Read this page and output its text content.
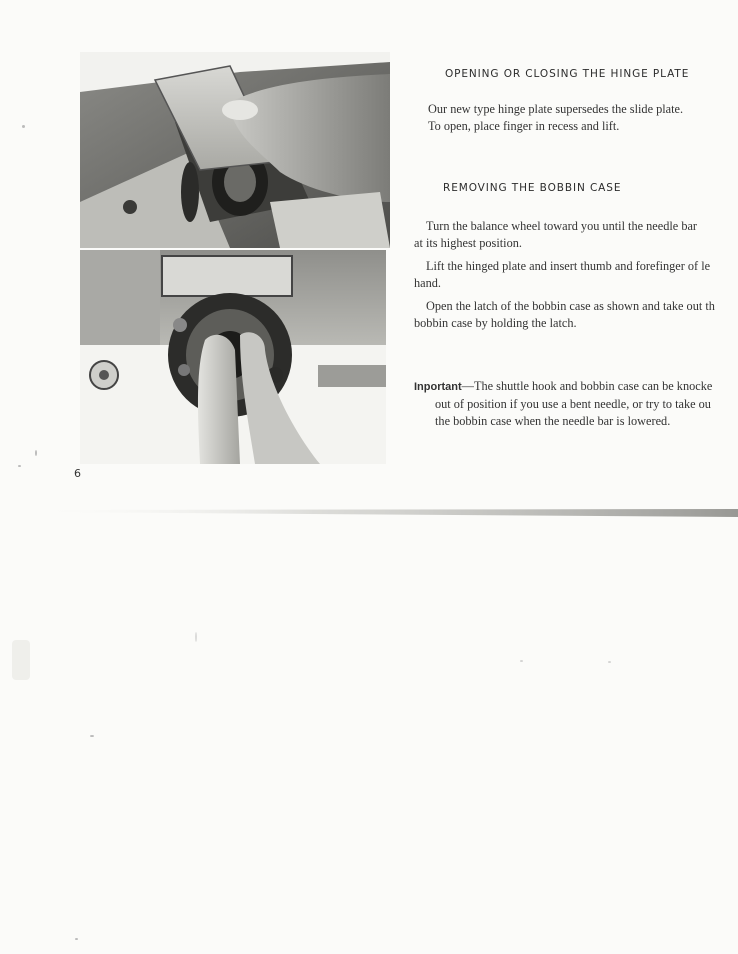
OPENING OR CLOSING THE HINGE PLATE
Our new type hinge plate supersedes the slide plate.
To open, place finger in recess and lift.
REMOVING THE BOBBIN CASE
Turn the balance wheel toward you until the needle bar
at its highest position.
Lift the hinged plate and insert thumb and forefinger of le
hand.
Open the latch of the bobbin case as shown and take out th
bobbin case by holding the latch.
Inportant—The shuttle hook and bobbin case can be knocke
out of position if you use a bent needle, or try to take ou
the bobbin case when the needle bar is lowered.
6
